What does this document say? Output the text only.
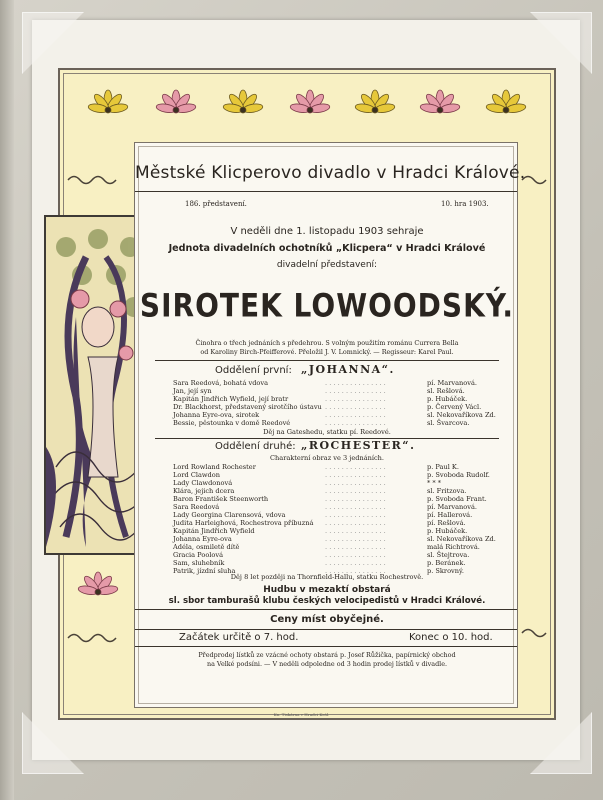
Městské Klicperovo divadlo v Hradci Králové.
186. představení.	10. hra 1903.
V neděli dne 1. listopadu 1903 sehraje
Jednota divadelních ochotníků „Klicpera“ v Hradci Králové
divadelní představení:
SIROTEK LOWOODSKÝ.
Činohra o třech jednáních s předehrou. S volným použitím románu Currera Bella
od Karoliny Birch-Pfeifferové. Přeložil J. V. Lomnický. — Regisseur: Karel Paul.
Oddělení první: „JOHANNA“.
Sara Reedová, bohatá vdova	. . . . . . . . . . . . . . .	pí. Marvanová.
Jan, její syn	. . . . . . . . . . . . . . .	sl. Rešlová.
Kapitán Jindřich Wyfield, její bratr	. . . . . . . . . . . . . . .	p. Hubáček.
Dr. Blackhorst, představený sirotčího ústavu . . . . . . . . . . . . . . .	p. Červený Václ.
Johanna Eyre-ova, sirotek	. . . . . . . . . . . . . . .	sl. Nekovaříkova Zd.
Bessie, pěstounka v domě Reedové	. . . . . . . . . . . . . . .	sl. Švarcova.
Děj na Gateshedu, statku pí. Reedové.
Oddělení druhé: „ROCHESTER“.
Charakterní obraz ve 3 jednáních.
Lord Rowland Rochester	. . . . . . . . . . . . . . .	p. Paul K.
Lord Clawdon	. . . . . . . . . . . . . . .	p. Svoboda Rudolf.
Lady Clawdonová	. . . . . . . . . . . . . . .	* * *
Klára, jejich dcera	. . . . . . . . . . . . . . .	sl. Fritzova.
Baron František Steenworth	. . . . . . . . . . . . . . .	p. Svoboda Frant.
Sara Reedová	. . . . . . . . . . . . . . .	pí. Marvanová.
Lady Georgina Clarensová, vdova	. . . . . . . . . . . . . . .	pí. Hallerová.
Judita Harleighová, Rochestrova příbuzná . . . . . . . . . . . . . . .	pí. Rešlová.
Kapitán Jindřich Wyfield	. . . . . . . . . . . . . . .	p. Hubáček.
Johanna Eyre-ova	. . . . . . . . . . . . . . .	sl. Nekovaříkova Zd.
Adéla, osmiletě dítě	. . . . . . . . . . . . . . .	malá Richtrová.
Gracia Poolová	. . . . . . . . . . . . . . .	sl. Štejtrova.
Sam, sluhebník	. . . . . . . . . . . . . . .	p. Beránek.
Patrik, jízdní sluha	. . . . . . . . . . . . . . .	p. Skrovný.
Děj 8 let později na Thornfield-Hallu, statku Rochestrově.
Hudbu v mezaktí obstará
sl. sbor tamburašů klubu českých velocipedistů v Hradci Králové.
Ceny míst obyčejné.
Začátek určitě o 7. hod.	Konec o 10. hod.
Předprodej lístků ze vzácné ochoty obstará p. Josef Růžička, papírnický obchod
na Velké podsíni. — V neděli odpoledne od 3 hodin prodej lístků v divadle.
Kn. Tiskárna v Hradci Král.
